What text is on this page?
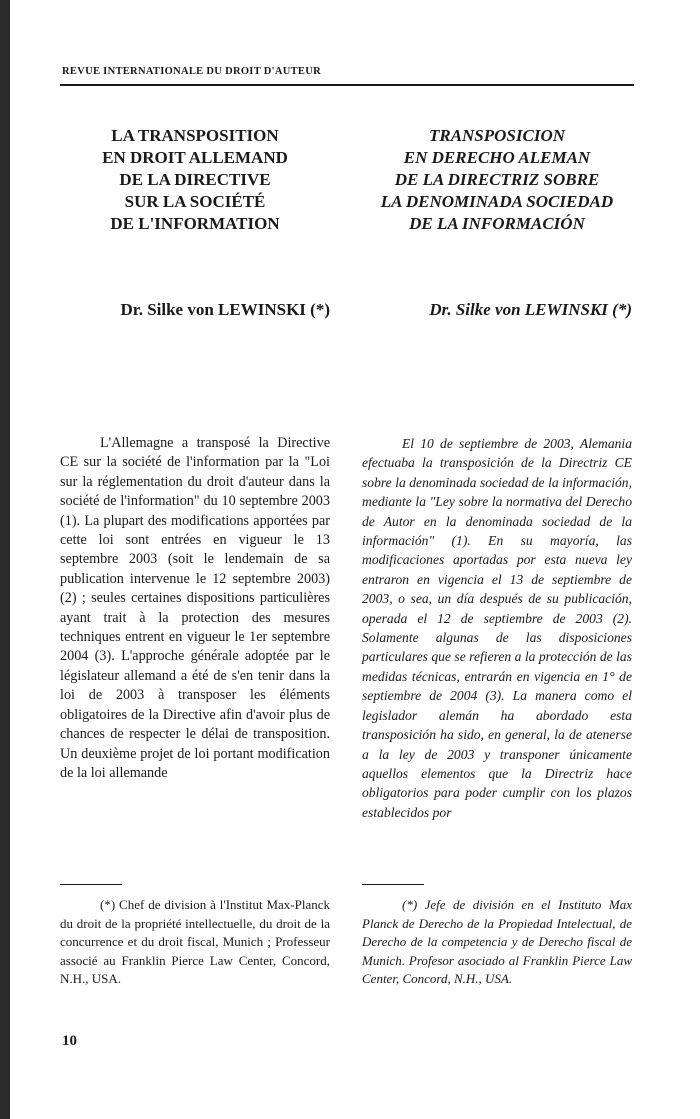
REVUE INTERNATIONALE DU DROIT D'AUTEUR
LA TRANSPOSITION
EN DROIT ALLEMAND
DE LA DIRECTIVE
SUR LA SOCIÉTÉ
DE L'INFORMATION

Dr. Silke von LEWINSKI (*)

L'Allemagne a transposé la Directive CE sur la société de l'information par la "Loi sur la réglementation du droit d'auteur dans la société de l'information" du 10 septembre 2003 (1). La plupart des modifications apportées par cette loi sont entrées en vigueur le 13 septembre 2003 (soit le lendemain de sa publication intervenue le 12 septembre 2003) (2) ; seules certaines dispositions particulières ayant trait à la protection des mesures techniques entrent en vigueur le 1er septembre 2004 (3). L'approche générale adoptée par le législateur allemand a été de s'en tenir dans la loi de 2003 à transposer les éléments obligatoires de la Directive afin d'avoir plus de chances de respecter le délai de transposition. Un deuxième projet de loi portant modification de la loi allemande

(*) Chef de division à l'Institut Max-Planck du droit de la propriété intellectuelle, du droit de la concurrence et du droit fiscal, Munich ; Professeur associé au Franklin Pierce Law Center, Concord, N.H., USA.

TRANSPOSICION
EN DERECHO ALEMAN
DE LA DIRECTRIZ SOBRE
LA DENOMINADA SOCIEDAD
DE LA INFORMACIÓN

Dr. Silke von LEWINSKI (*)

El 10 de septiembre de 2003, Alemania efectuaba la transposición de la Directriz CE sobre la denominada sociedad de la información, mediante la "Ley sobre la normativa del Derecho de Autor en la denominada sociedad de la información" (1). En su mayoría, las modificaciones aportadas por esta nueva ley entraron en vigencia el 13 de septiembre de 2003, o sea, un día después de su publicación, operada el 12 de septiembre de 2003 (2). Solamente algunas de las disposiciones particulares que se refieren a la protección de las medidas técnicas, entrarán en vigencia en 1° de septiembre de 2004 (3). La manera como el legislador alemán ha abordado esta transposición ha sido, en general, la de atenerse a la ley de 2003 y transponer únicamente aquellos elementos que la Directriz hace obligatorios para poder cumplir con los plazos establecidos por

(*) Jefe de división en el Instituto Max Planck de Derecho de la Propiedad Intelectual, de Derecho de la competencia y de Derecho fiscal de Munich. Profesor asociado al Franklin Pierce Law Center, Concord, N.H., USA.

10
